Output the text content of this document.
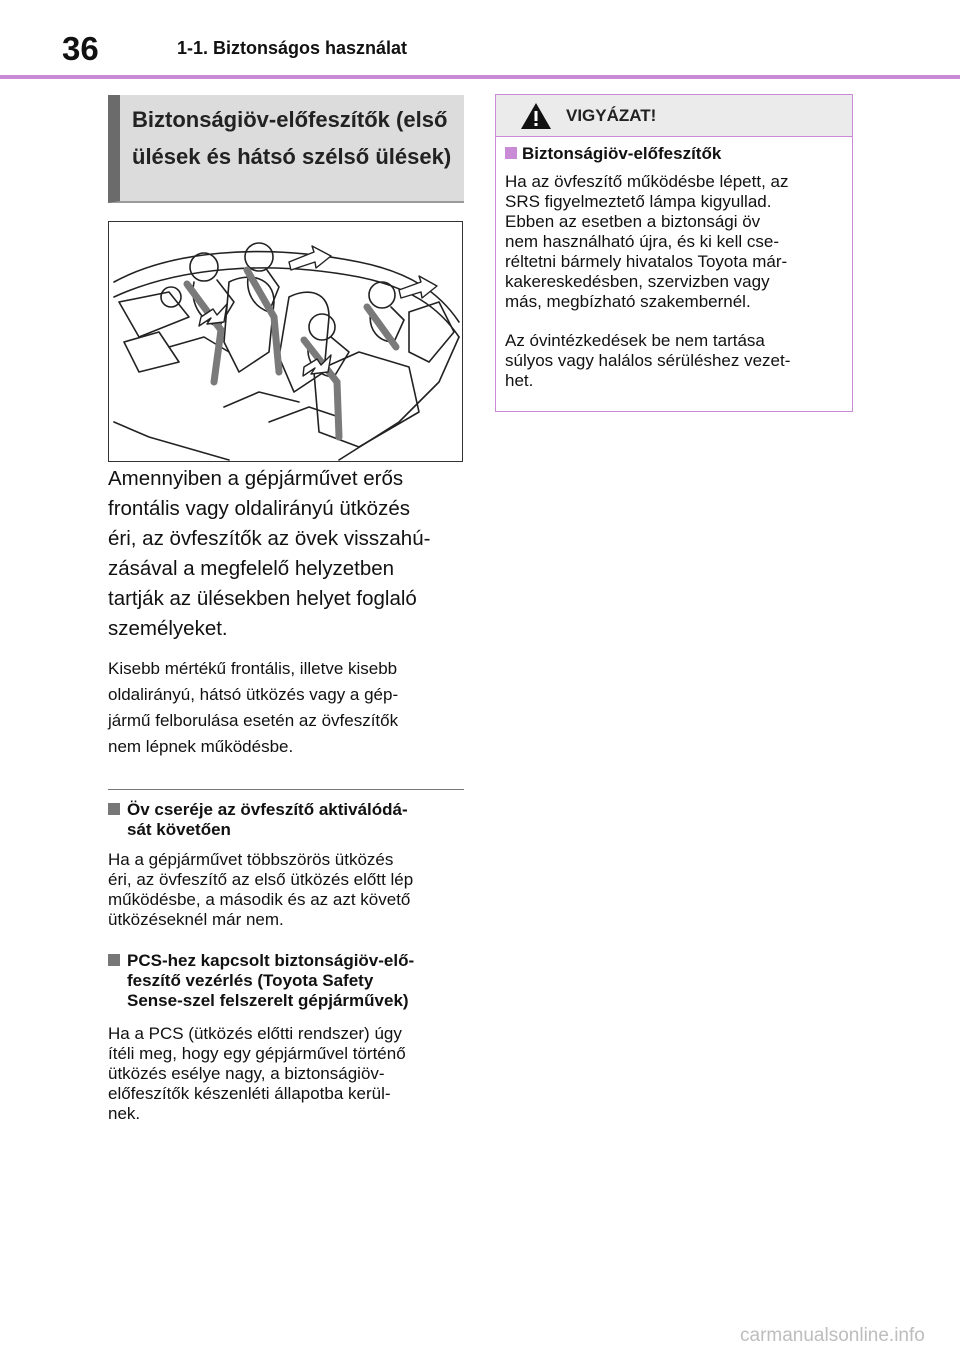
36	1-1. Biztonságos használat
Biztonságiöv-előfeszítők (első ülések és hátsó szélső ülések)
Amennyiben a gépjárművet erős
frontális vagy oldalirányú ütközés
éri, az övfeszítők az övek visszahú-
zásával a megfelelő helyzetben
tartják az ülésekben helyet foglaló
személyeket.
Kisebb mértékű frontális, illetve kisebb
oldalirányú, hátsó ütközés vagy a gép-
jármű felborulása esetén az övfeszítők
nem lépnek működésbe.
Öv cseréje az övfeszítő aktiválódá-
sát követően
Ha a gépjárművet többszörös ütközés
éri, az övfeszítő az első ütközés előtt lép
működésbe, a második és az azt követő
ütközéseknél már nem.
PCS-hez kapcsolt biztonságiöv-elő-
feszítő vezérlés (Toyota Safety
Sense-szel felszerelt gépjárművek)
Ha a PCS (ütközés előtti rendszer) úgy
ítéli meg, hogy egy gépjárművel történő
ütközés esélye nagy, a biztonságiöv-
előfeszítők készenléti állapotba kerül-
nek.
VIGYÁZAT!
Biztonságiöv-előfeszítők
Ha az övfeszítő működésbe lépett, az
SRS figyelmeztető lámpa kigyullad.
Ebben az esetben a biztonsági öv
nem használható újra, és ki kell cse-
réltetni bármely hivatalos Toyota már-
kakereskedésben, szervizben vagy
más, megbízható szakembernél.
Az óvintézkedések be nem tartása
súlyos vagy halálos sérüléshez vezet-
het.
carmanualsonline.info
